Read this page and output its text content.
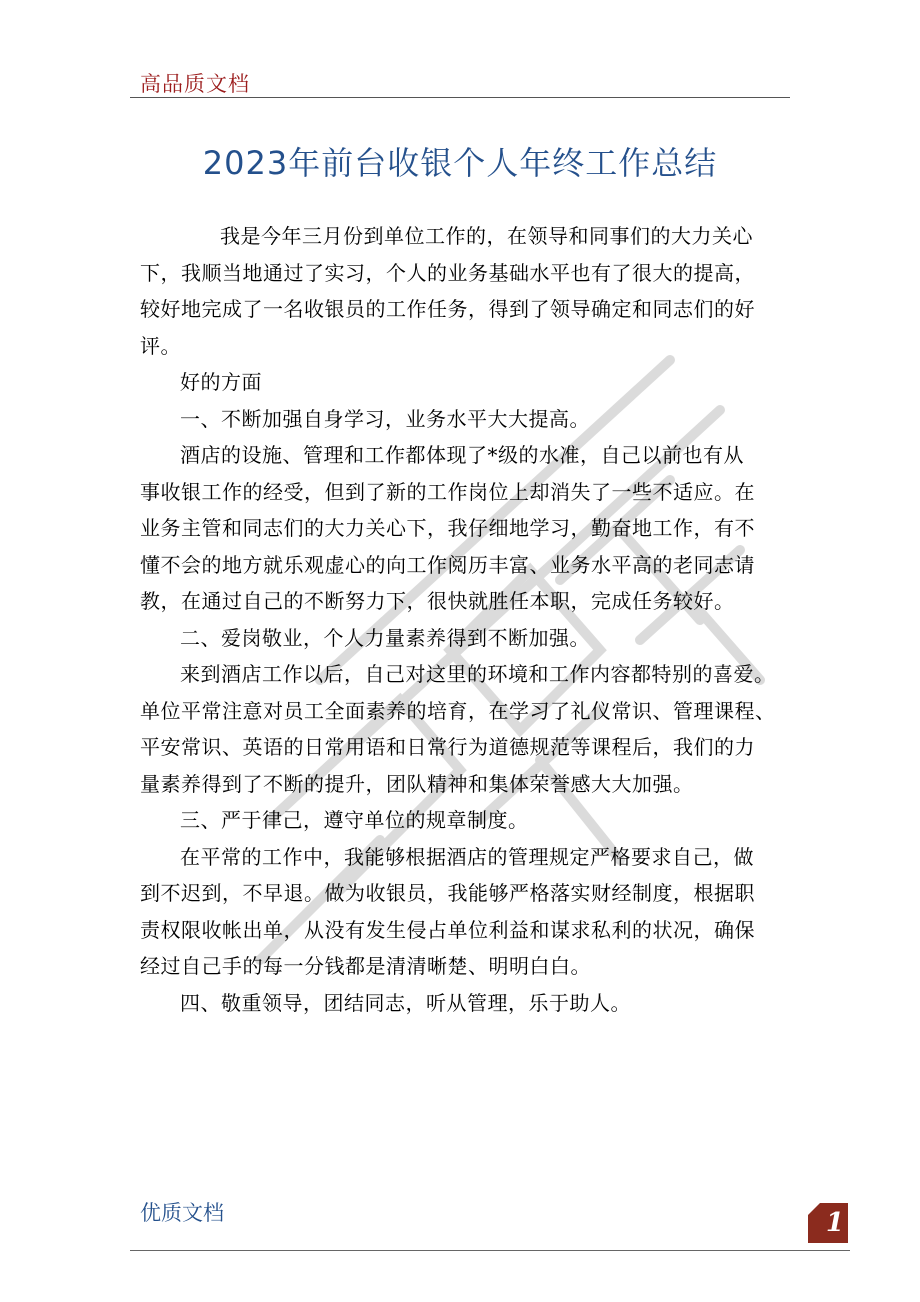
高品质文档
2023年前台收银个人年终工作总结

我是今年三月份到单位工作的，在领导和同事们的大力关心
下，我顺当地通过了实习，个人的业务基础水平也有了很大的提高，
较好地完成了一名收银员的工作任务，得到了领导确定和同志们的好
评。

好的方面

一、不断加强自身学习，业务水平大大提高。

酒店的设施、管理和工作都体现了*级的水准，自己以前也有从
事收银工作的经受，但到了新的工作岗位上却消失了一些不适应。在
业务主管和同志们的大力关心下，我仔细地学习，勤奋地工作，有不
懂不会的地方就乐观虚心的向工作阅历丰富、业务水平高的老同志请
教，在通过自己的不断努力下，很快就胜任本职，完成任务较好。

二、爱岗敬业，个人力量素养得到不断加强。

来到酒店工作以后，自己对这里的环境和工作内容都特别的喜爱。
单位平常注意对员工全面素养的培育，在学习了礼仪常识、管理课程、
平安常识、英语的日常用语和日常行为道德规范等课程后，我们的力
量素养得到了不断的提升，团队精神和集体荣誉感大大加强。

三、严于律己，遵守单位的规章制度。

在平常的工作中，我能够根据酒店的管理规定严格要求自己，做
到不迟到，不早退。做为收银员，我能够严格落实财经制度，根据职
责权限收帐出单，从没有发生侵占单位利益和谋求私利的状况，确保
经过自己手的每一分钱都是清清晰楚、明明白白。

四、敬重领导，团结同志，听从管理，乐于助人。

优质文档	1
